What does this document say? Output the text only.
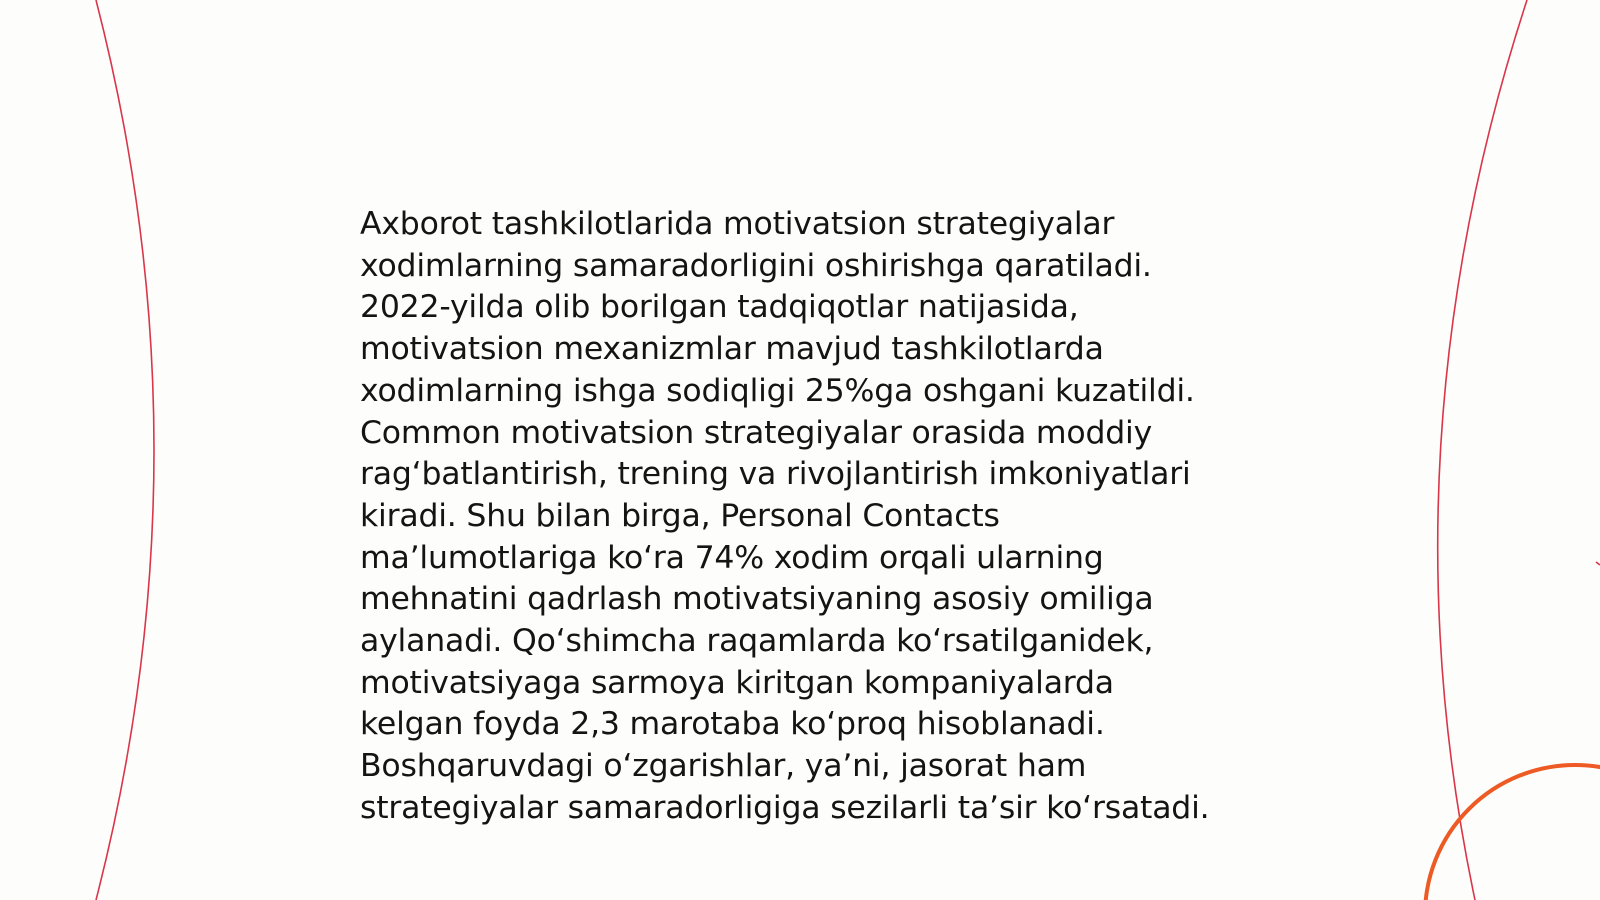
Axborot tashkilotlarida motivatsion strategiyalar
xodimlarning samaradorligini oshirishga qaratiladi.
2022-yilda olib borilgan tadqiqotlar natijasida,
motivatsion mexanizmlar mavjud tashkilotlarda
xodimlarning ishga sodiqligi 25%ga oshgani kuzatildi.
Common motivatsion strategiyalar orasida moddiy
rag‘batlantirish, trening va rivojlantirish imkoniyatlari
kiradi. Shu bilan birga, Personal Contacts
ma’lumotlariga ko‘ra 74% xodim orqali ularning
mehnatini qadrlash motivatsiyaning asosiy omiliga
aylanadi. Qo‘shimcha raqamlarda ko‘rsatilganidek,
motivatsiyaga sarmoya kiritgan kompaniyalarda
kelgan foyda 2,3 marotaba ko‘proq hisoblanadi.
Boshqaruvdagi o‘zgarishlar, ya’ni, jasorat ham
strategiyalar samaradorligiga sezilarli ta’sir ko‘rsatadi.
